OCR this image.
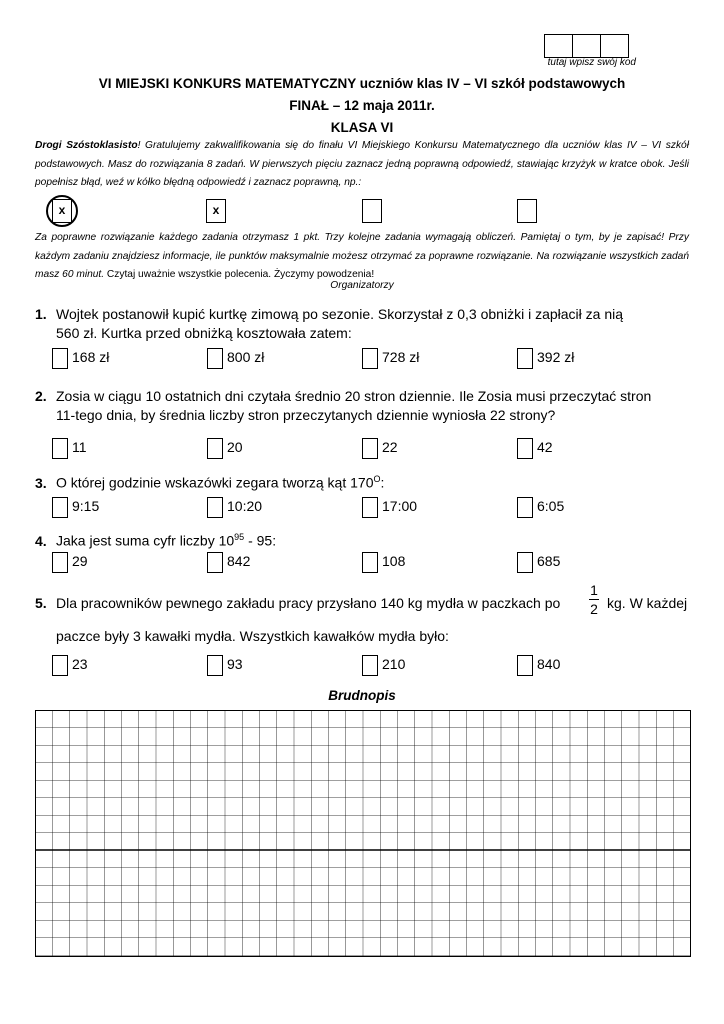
tutaj wpisz swój kod
VI MIEJSKI KONKURS MATEMATYCZNY uczniów klas IV – VI szkół podstawowych
FINAŁ – 12 maja 2011r.
KLASA VI
Drogi Szóstoklasisto! Gratulujemy zakwalifikowania się do finału VI Miejskiego Konkursu Matematycznego dla uczniów klas IV – VI szkół podstawowych. Masz do rozwiązania 8 zadań. W pierwszych pięciu zaznacz jedną poprawną odpowiedź, stawiając krzyżyk w kratce obok. Jeśli popełnisz błąd, weź w kółko błędną odpowiedź i zaznacz poprawną, np.:
x	x
Za poprawne rozwiązanie każdego zadania otrzymasz 1 pkt. Trzy kolejne zadania wymagają obliczeń. Pamiętaj o tym, by je zapisać! Przy każdym zadaniu znajdziesz informacje, ile punktów maksymalnie możesz otrzymać za poprawne rozwiązanie. Na rozwiązanie wszystkich zadań masz 60 minut. Czytaj uważnie wszystkie polecenia. Życzymy powodzenia!
Organizatorzy
1. Wojtek postanowił kupić kurtkę zimową po sezonie. Skorzystał z 0,3 obniżki i zapłacił za nią
560 zł. Kurtka przed obniżką kosztowała zatem:
168 zł	800 zł	728 zł	392 zł
2. Zosia w ciągu 10 ostatnich dni czytała średnio 20 stron dziennie. Ile Zosia musi przeczytać stron
11-tego dnia, by średnia liczby stron przeczytanych dziennie wyniosła 22 strony?
11	20	22	42
3. O której godzinie wskazówki zegara tworzą kąt $170^O$:
9:15	10:20	17:00	6:05
4. Jaka jest suma cyfr liczby $10^{95} - 95$:
29	842	108	685
5. Dla pracowników pewnego zakładu pracy przysłano 140 kg mydła w paczkach po
1
2 kg. W każdej
paczce były 3 kawałki mydła. Wszystkich kawałków mydła było:
23	93	210	840
Brudnopis
